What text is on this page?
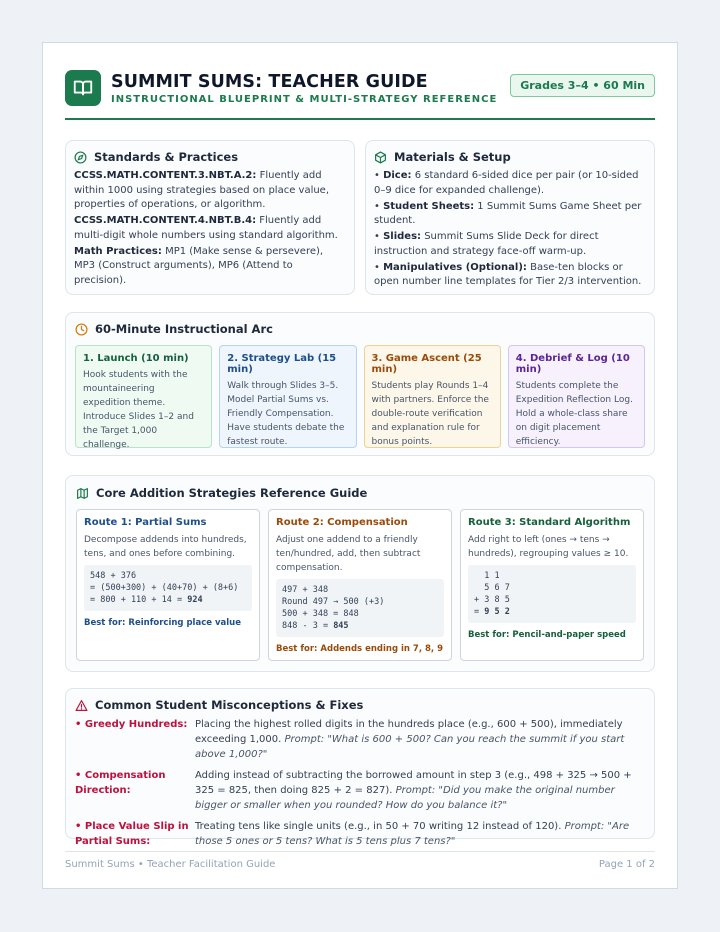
SUMMIT SUMS: TEACHER GUIDE
INSTRUCTIONAL BLUEPRINT & MULTI-STRATEGY REFERENCE
Grades 3–4 • 60 Min
Standards & Practices
CCSS.MATH.CONTENT.3.NBT.A.2: Fluently add within 1000 using strategies based on place value, properties of operations, or algorithm.
CCSS.MATH.CONTENT.4.NBT.B.4: Fluently add multi-digit whole numbers using standard algorithm.
Math Practices: MP1 (Make sense & persevere), MP3 (Construct arguments), MP6 (Attend to precision).
Materials & Setup
• Dice: 6 standard 6-sided dice per pair (or 10-sided 0–9 dice for expanded challenge).
• Student Sheets: 1 Summit Sums Game Sheet per student.
• Slides: Summit Sums Slide Deck for direct instruction and strategy face-off warm-up.
• Manipulatives (Optional): Base-ten blocks or open number line templates for Tier 2/3 intervention.
60-Minute Instructional Arc
1. Launch (10 min)
Hook students with the mountaineering expedition theme. Introduce Slides 1–2 and the Target 1,000 challenge.
2. Strategy Lab (15 min)
Walk through Slides 3–5. Model Partial Sums vs. Friendly Compensation. Have students debate the fastest route.
3. Game Ascent (25 min)
Students play Rounds 1–4 with partners. Enforce the double-route verification and explanation rule for bonus points.
4. Debrief & Log (10 min)
Students complete the Expedition Reflection Log. Hold a whole-class share on digit placement efficiency.
Core Addition Strategies Reference Guide
Route 1: Partial Sums
Decompose addends into hundreds, tens, and ones before combining.
548 + 376
= (500+300) + (40+70) + (8+6)
= 800 + 110 + 14 = 924
Best for: Reinforcing place value
Route 2: Compensation
Adjust one addend to a friendly ten/hundred, add, then subtract compensation.
497 + 348
Round 497 → 500 (+3)
500 + 348 = 848
848 - 3 = 845
Best for: Addends ending in 7, 8, 9
Route 3: Standard Algorithm
Add right to left (ones → tens → hundreds), regrouping values ≥ 10.
1 1
5 6 7
+ 3 8 5
= 9 5 2
Best for: Pencil-and-paper speed
Common Student Misconceptions & Fixes
• Greedy Hundreds: Placing the highest rolled digits in the hundreds place (e.g., 600 + 500), immediately exceeding 1,000. Prompt: "What is 600 + 500? Can you reach the summit if you start above 1,000?"
• Compensation Direction:
Adding instead of subtracting the borrowed amount in step 3 (e.g., 498 + 325 → 500 + 325 = 825, then doing 825 + 2 = 827). Prompt: "Did you make the original number bigger or smaller when you rounded? How do you balance it?"
• Place Value Slip in Partial Sums:
Treating tens like single units (e.g., in 50 + 70 writing 12 instead of 120). Prompt: "Are those 5 ones or 5 tens? What is 5 tens plus 7 tens?"
Summit Sums • Teacher Facilitation Guide	Page 1 of 2
